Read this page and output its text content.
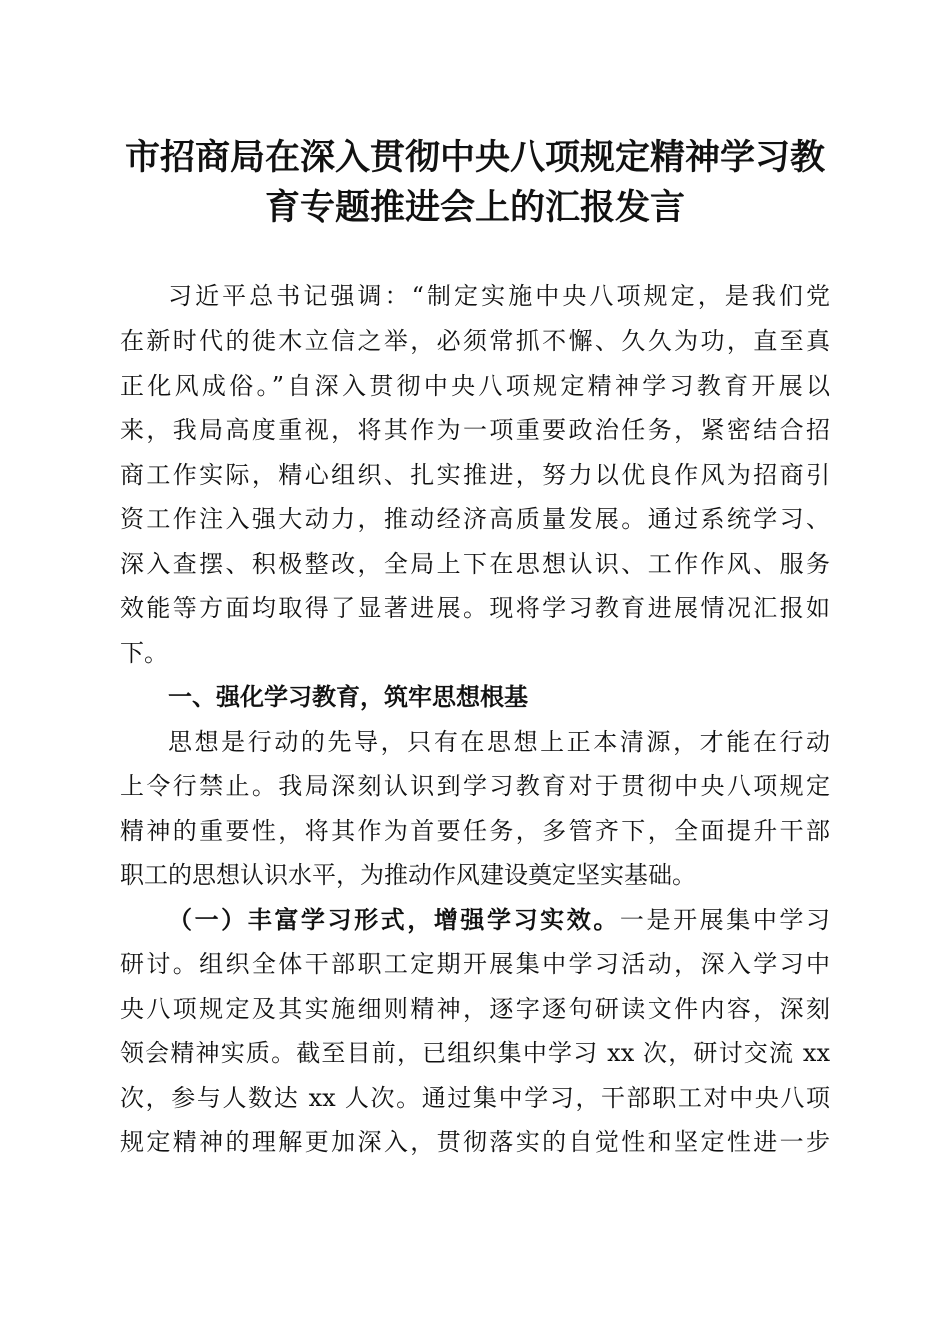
市招商局在深入贯彻中央八项规定精神学习教
育专题推进会上的汇报发言

习近平总书记强调：“制定实施中央八项规定，是我们党

在新时代的徙木立信之举，必须常抓不懈、久久为功，直至真

正化风成俗。”自深入贯彻中央八项规定精神学习教育开展以

来，我局高度重视，将其作为一项重要政治任务，紧密结合招

商工作实际，精心组织、扎实推进，努力以优良作风为招商引

资工作注入强大动力，推动经济高质量发展。通过系统学习、

深入查摆、积极整改，全局上下在思想认识、工作作风、服务

效能等方面均取得了显著进展。现将学习教育进展情况汇报如

下。

一、强化学习教育，筑牢思想根基

思想是行动的先导，只有在思想上正本清源，才能在行动

上令行禁止。我局深刻认识到学习教育对于贯彻中央八项规定

精神的重要性，将其作为首要任务，多管齐下，全面提升干部

职工的思想认识水平，为推动作风建设奠定坚实基础。

（一）丰富学习形式，增强学习实效。一是开展集中学习

研讨。组织全体干部职工定期开展集中学习活动，深入学习中

央八项规定及其实施细则精神，逐字逐句研读文件内容，深刻

领会精神实质。截至目前，已组织集中学习 xx 次，研讨交流 xx

次，参与人数达 xx 人次。通过集中学习，干部职工对中央八项

规定精神的理解更加深入，贯彻落实的自觉性和坚定性进一步
